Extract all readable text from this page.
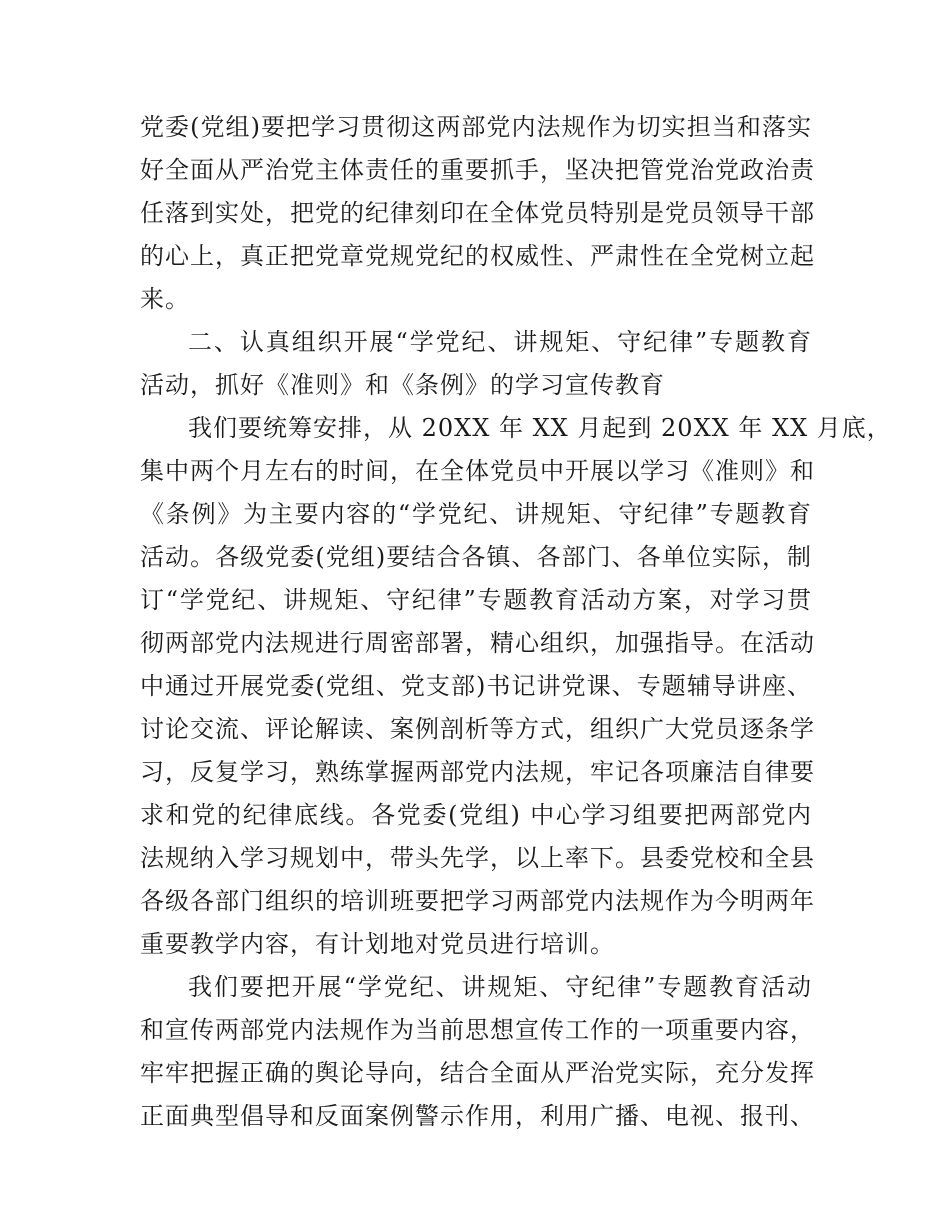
党委(党组)要把学习贯彻这两部党内法规作为切实担当和落实
好全面从严治党主体责任的重要抓手，坚决把管党治党政治责
任落到实处，把党的纪律刻印在全体党员特别是党员领导干部
的心上，真正把党章党规党纪的权威性、严肃性在全党树立起
来。
二、认真组织开展“学党纪、讲规矩、守纪律”专题教育
活动，抓好《准则》和《条例》的学习宣传教育
我们要统筹安排，从 20XX 年 XX 月起到 20XX 年 XX 月底，
集中两个月左右的时间，在全体党员中开展以学习《准则》和
《条例》为主要内容的“学党纪、讲规矩、守纪律”专题教育
活动。各级党委(党组)要结合各镇、各部门、各单位实际，制
订“学党纪、讲规矩、守纪律”专题教育活动方案，对学习贯
彻两部党内法规进行周密部署，精心组织，加强指导。在活动
中通过开展党委(党组、党支部)书记讲党课、专题辅导讲座、
讨论交流、评论解读、案例剖析等方式，组织广大党员逐条学
习，反复学习，熟练掌握两部党内法规，牢记各项廉洁自律要
求和党的纪律底线。各党委(党组) 中心学习组要把两部党内
法规纳入学习规划中，带头先学，以上率下。县委党校和全县
各级各部门组织的培训班要把学习两部党内法规作为今明两年
重要教学内容，有计划地对党员进行培训。
我们要把开展“学党纪、讲规矩、守纪律”专题教育活动
和宣传两部党内法规作为当前思想宣传工作的一项重要内容，
牢牢把握正确的舆论导向，结合全面从严治党实际，充分发挥
正面典型倡导和反面案例警示作用，利用广播、电视、报刊、
